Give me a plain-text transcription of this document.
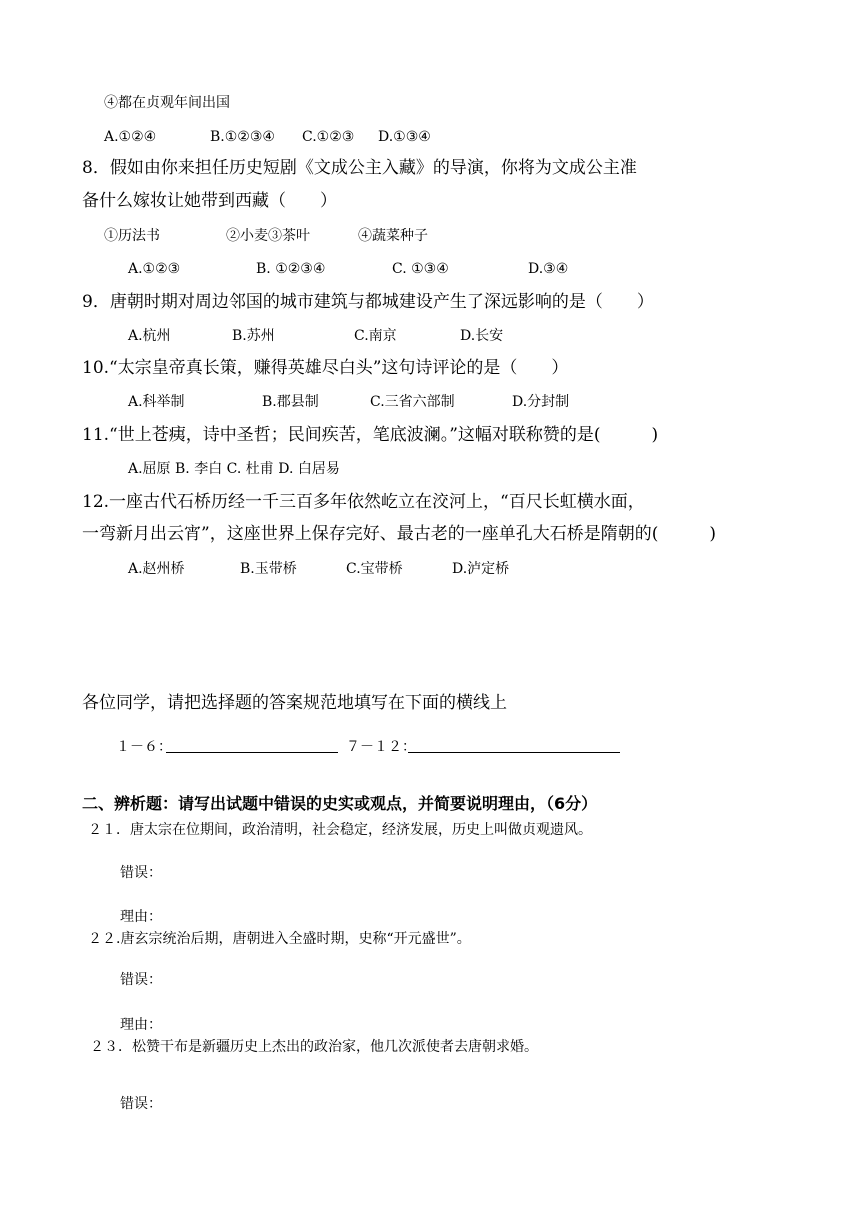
④都在贞观年间出国
A.①②④	B.①②③④ C.①②③ D.①③④
8．假如由你来担任历史短剧《文成公主入藏》的导演，你将为文成公主准
备什么嫁妆让她带到西藏（　　）
①历法书	②小麦③茶叶	④蔬菜种子
A.①②③	B. ①②③④	C. ①③④	D.③④
9．唐朝时期对周边邻国的城市建筑与都城建设产生了深远影响的是（　　）
A.杭州	B.苏州	C.南京	D.长安
10.“太宗皇帝真长策，赚得英雄尽白头”这句诗评论的是（　　）
A.科举制	B.郡县制	C.三省六部制	D.分封制
11.“世上苍痍，诗中圣哲；民间疾苦，笔底波澜。”这幅对联称赞的是(　　　)
A.屈原 B. 李白 C. 杜甫 D. 白居易
12.一座古代石桥历经一千三百多年依然屹立在洨河上，“百尺长虹横水面，
一弯新月出云宵”，这座世界上保存完好、最古老的一座单孔大石桥是隋朝的(　　　)
A.赵州桥	B.玉带桥	C.宝带桥	D.泸定桥
各位同学，请把选择题的答案规范地填写在下面的横线上
１－６：	７－１２：
二、辨析题：请写出试题中错误的史实或观点，并简要说明理由，（6分）
２１．唐太宗在位期间，政治清明，社会稳定，经济发展，历史上叫做贞观遗风。
错误：
理由：
２２.唐玄宗统治后期，唐朝进入全盛时期，史称“开元盛世”。
错误：
理由：
２３．松赞干布是新疆历史上杰出的政治家，他几次派使者去唐朝求婚。
错误：
